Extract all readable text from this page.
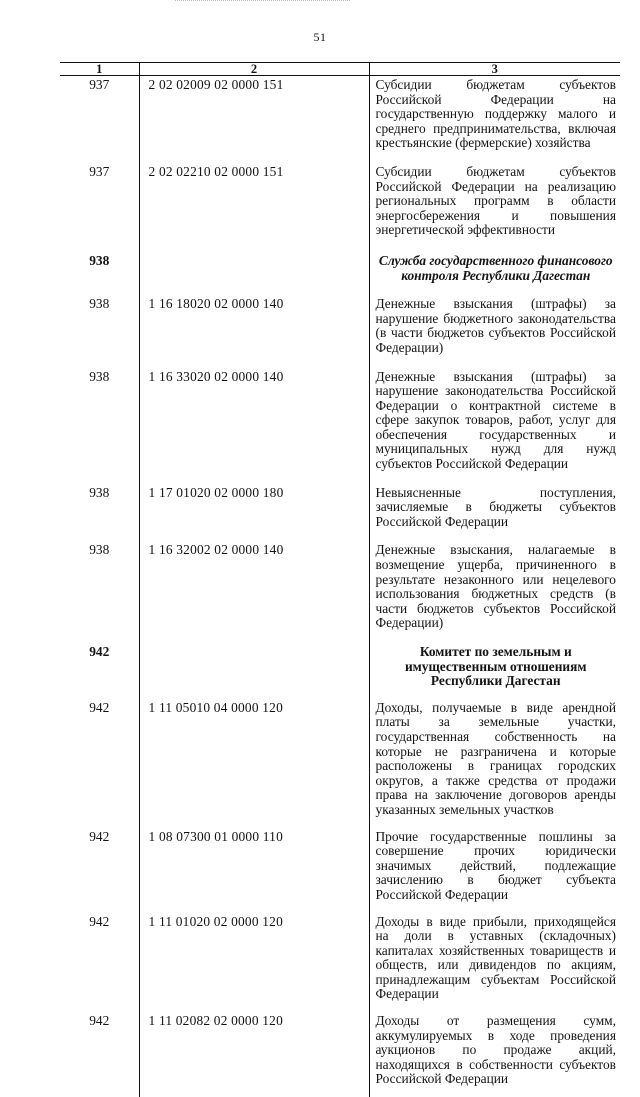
51
1	2	3

937	2 02 02009 02 0000 151	Субсидии бюджетам субъектов Российской Федерации на государственную поддержку малого и среднего предпринимательства, включая крестьянские (фермерские) хозяйства

937	2 02 02210 02 0000 151	Субсидии бюджетам субъектов Российской Федерации на реализацию региональных программ в области энергосбережения и повышения энергетической эффективности

938		Служба государственного финансового контроля Республики Дагестан

938	1 16 18020 02 0000 140	Денежные взыскания (штрафы) за нарушение бюджетного законодательства (в части бюджетов субъектов Российской Федерации)

938	1 16 33020 02 0000 140	Денежные взыскания (штрафы) за нарушение законодательства Российской Федерации о контрактной системе в сфере закупок товаров, работ, услуг для обеспечения государственных и муниципальных нужд для нужд субъектов Российской Федерации

938	1 17 01020 02 0000 180	Невыясненные поступления, зачисляемые в бюджеты субъектов Российской Федерации

938	1 16 32002 02 0000 140	Денежные взыскания, налагаемые в возмещение ущерба, причиненного в результате незаконного или нецелевого использования бюджетных средств (в части бюджетов субъектов Российской Федерации)

942		Комитет по земельным и имущественным отношениям Республики Дагестан

942	1 11 05010 04 0000 120	Доходы, получаемые в виде арендной платы за земельные участки, государственная собственность на которые не разграничена и которые расположены в границах городских округов, а также средства от продажи права на заключение договоров аренды указанных земельных участков

942	1 08 07300 01 0000 110	Прочие государственные пошлины за совершение прочих юридически значимых действий, подлежащие зачислению в бюджет субъекта Российской Федерации

942	1 11 01020 02 0000 120	Доходы в виде прибыли, приходящейся на доли в уставных (складочных) капиталах хозяйственных товариществ и обществ, или дивидендов по акциям, принадлежащим субъектам Российской Федерации

942	1 11 02082 02 0000 120	Доходы от размещения сумм, аккумулируемых в ходе проведения аукционов по продаже акций, находящихся в собственности субъектов Российской Федерации
